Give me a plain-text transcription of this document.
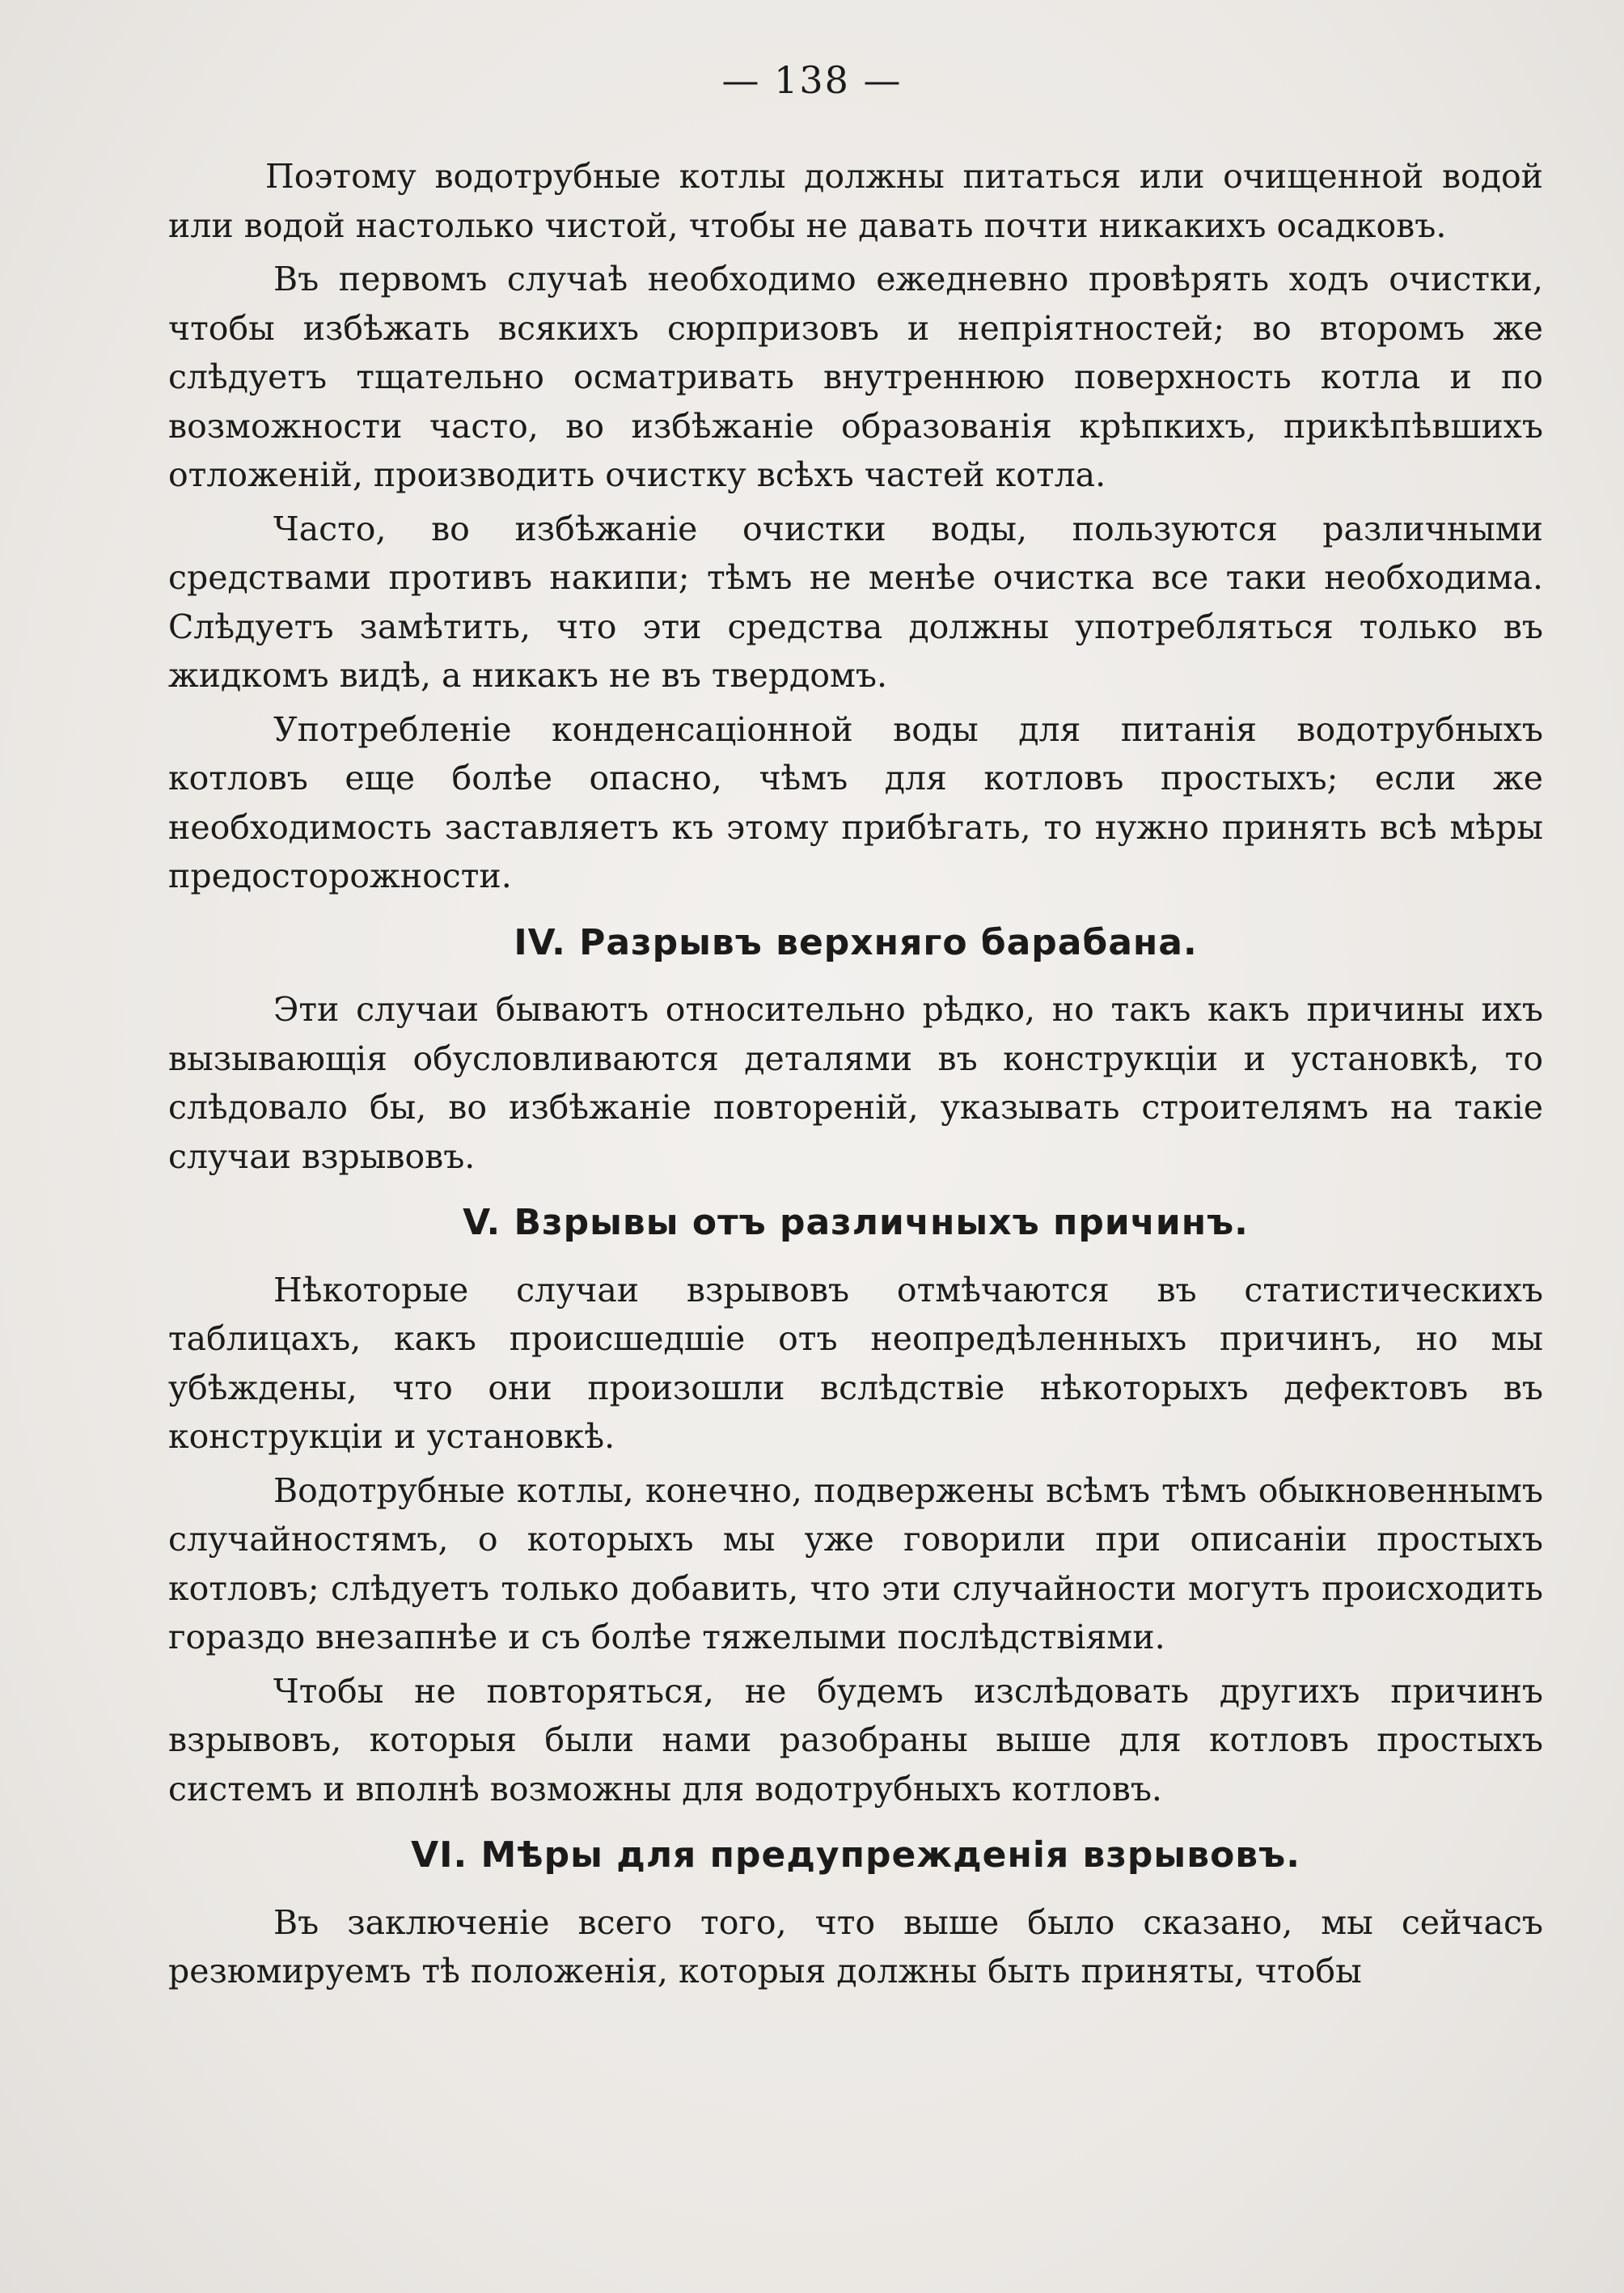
— 138 —

Поэтому водотрубные котлы должны питаться или очищенной водой или водой настолько чистой, чтобы не давать почти никакихъ осадковъ.

Въ первомъ случаѣ необходимо ежедневно провѣрять ходъ очистки, чтобы избѣжать всякихъ сюрпризовъ и непріятностей; во второмъ же слѣдуетъ тщательно осматривать внутреннюю поверхность котла и по возможности часто, во избѣжаніе образованія крѣпкихъ, прикѣпѣвшихъ отложеній, производить очистку всѣхъ частей котла.

Часто, во избѣжаніе очистки воды, пользуются различными средствами противъ накипи; тѣмъ не менѣе очистка все таки необходима. Слѣдуетъ замѣтить, что эти средства должны употребляться только въ жидкомъ видѣ, а никакъ не въ твердомъ.

Употребленіе конденсаціонной воды для питанія водотрубныхъ котловъ еще болѣе опасно, чѣмъ для котловъ простыхъ; если же необходимость заставляетъ къ этому прибѣгать, то нужно принять всѣ мѣры предосторожности.

IV. Разрывъ верхняго барабана.

Эти случаи бываютъ относительно рѣдко, но такъ какъ причины ихъ вызывающія обусловливаются деталями въ конструкціи и установкѣ, то слѣдовало бы, во избѣжаніе повтореній, указывать строителямъ на такіе случаи взрывовъ.

V. Взрывы отъ различныхъ причинъ.

Нѣкоторые случаи взрывовъ отмѣчаются въ статистическихъ таблицахъ, какъ происшедшіе отъ неопредѣленныхъ причинъ, но мы убѣждены, что они произошли вслѣдствіе нѣкоторыхъ дефектовъ въ конструкціи и установкѣ.

Водотрубные котлы, конечно, подвержены всѣмъ тѣмъ обыкновеннымъ случайностямъ, о которыхъ мы уже говорили при описаніи простыхъ котловъ; слѣдуетъ только добавить, что эти случайности могутъ происходить гораздо внезапнѣе и съ болѣе тяжелыми послѣдствіями.

Чтобы не повторяться, не будемъ изслѣдовать другихъ причинъ взрывовъ, которыя были нами разобраны выше для котловъ простыхъ системъ и вполнѣ возможны для водотрубныхъ котловъ.

VI. Мѣры для предупрежденія взрывовъ.

Въ заключеніе всего того, что выше было сказано, мы сейчасъ резюмируемъ тѣ положенія, которыя должны быть приняты, чтобы
